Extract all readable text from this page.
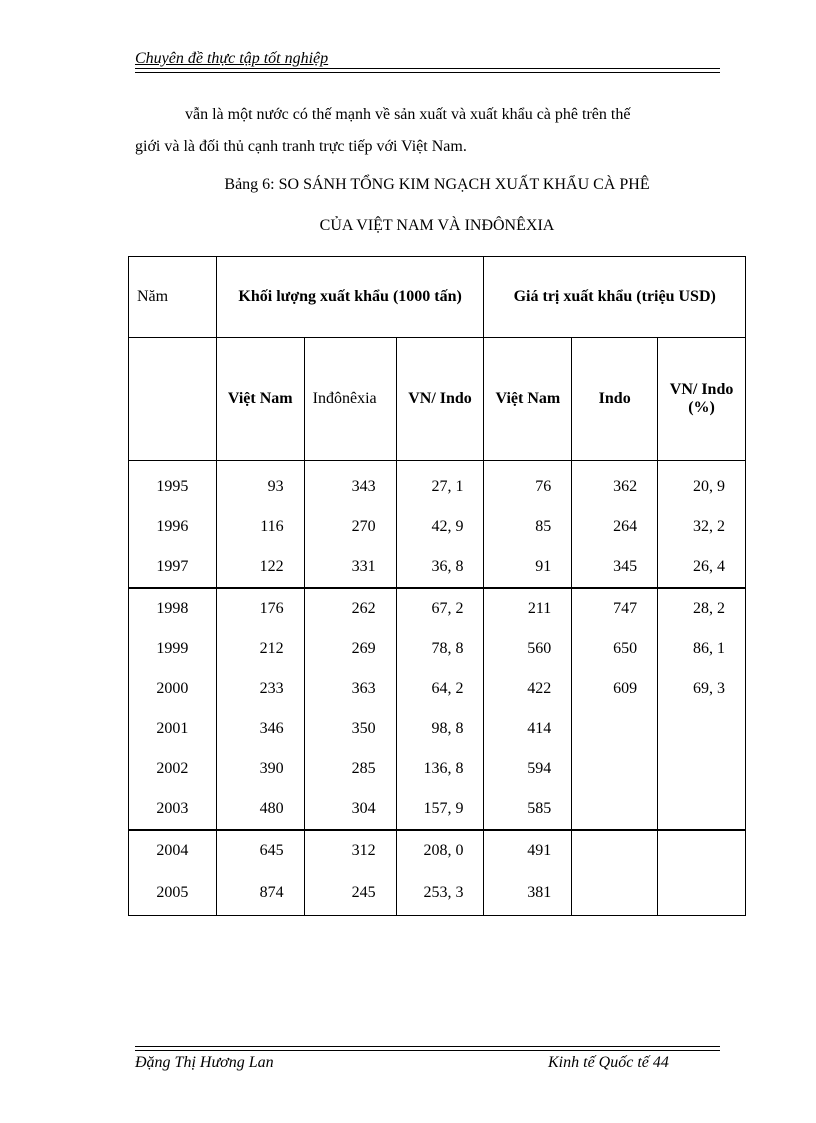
Chuyên đề thực tập tốt nghiệp
vẫn là một nước có thế mạnh về sản xuất và xuất khẩu cà phê trên thế
giới và là đối thủ cạnh tranh trực tiếp với Việt Nam.
Bảng 6: SO SÁNH TỔNG KIM NGẠCH XUẤT KHẨU CÀ PHÊ
CỦA VIỆT NAM VÀ INĐÔNÊXIA
Năm	Khối lượng xuất khẩu (1000 tấn)			Giá trị xuất khẩu (triệu USD)		
	Việt Nam	Inđônêxia	VN/ Indo	Việt Nam	Indo	VN/ Indo (%)
1995	93	343	27, 1	76	362	20, 9
1996	116	270	42, 9	85	264	32, 2
1997	122	331	36, 8	91	345	26, 4
1998	176	262	67, 2	211	747	28, 2
1999	212	269	78, 8	560	650	86, 1
2000	233	363	64, 2	422	609	69, 3
2001	346	350	98, 8	414		
2002	390	285	136, 8	594		
2003	480	304	157, 9	585		
2004	645	312	208, 0	491		
2005	874	245	253, 3	381		
Đặng Thị Hương Lan	Kinh tế Quốc tế 44
